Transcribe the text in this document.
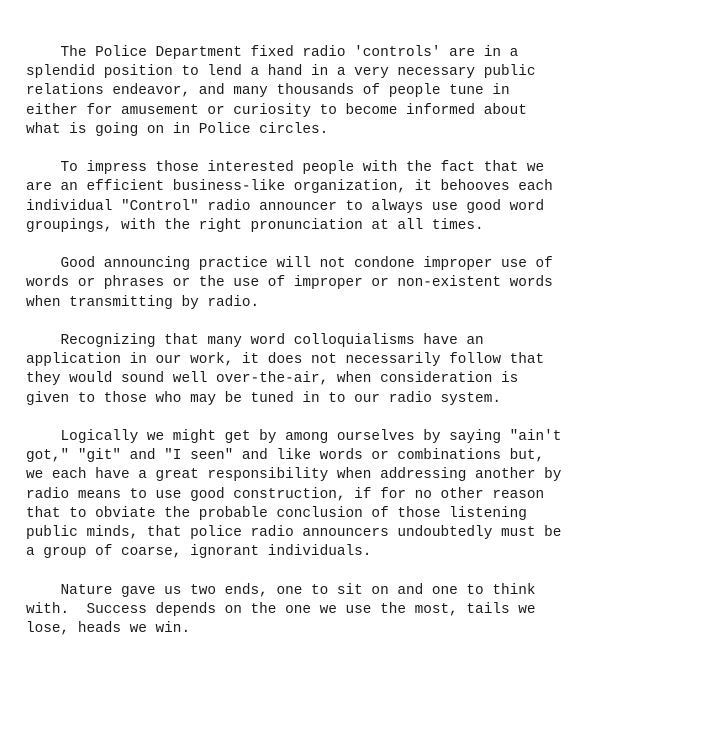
The Police Department fixed radio 'controls' are in a
splendid position to lend a hand in a very necessary public
relations endeavor, and many thousands of people tune in
either for amusement or curiosity to become informed about
what is going on in Police circles.

To impress those interested people with the fact that we
are an efficient business-like organization, it behooves each
individual "Control" radio announcer to always use good word
groupings, with the right pronunciation at all times.

Good announcing practice will not condone improper use of
words or phrases or the use of improper or non-existent words
when transmitting by radio.

Recognizing that many word colloquialisms have an
application in our work, it does not necessarily follow that
they would sound well over-the-air, when consideration is
given to those who may be tuned in to our radio system.

Logically we might get by among ourselves by saying "ain't
got," "git" and "I seen" and like words or combinations but,
we each have a great responsibility when addressing another by
radio means to use good construction, if for no other reason
that to obviate the probable conclusion of those listening
public minds, that police radio announcers undoubtedly must be
a group of coarse, ignorant individuals.

Nature gave us two ends, one to sit on and one to think
with.  Success depends on the one we use the most, tails we
lose, heads we win.
